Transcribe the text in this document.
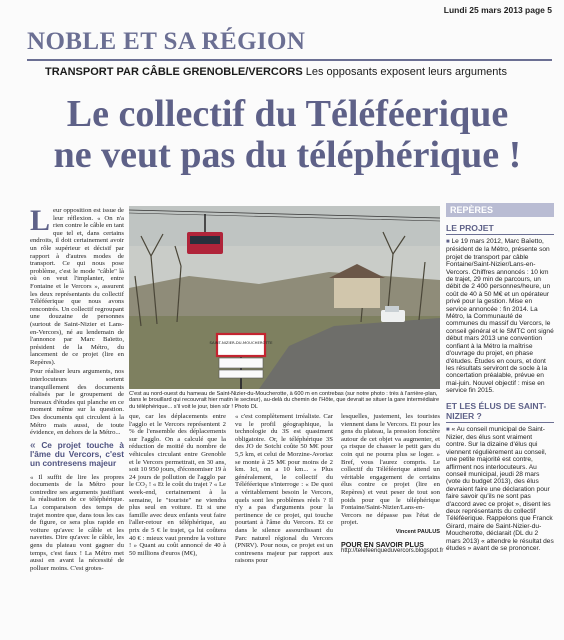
Lundi 25 mars 2013 page 5
NOBLE ET SA RÉGION
TRANSPORT PAR CÂBLE GRENOBLE/VERCORS Les opposants exposent leurs arguments
Le collectif du Téléféerique
ne veut pas du téléphérique !
SAINT-NIZIER-DU-MOUCHEROTTE
C'est au nord-ouest du hameau de Saint-Nizier-du-Moucherotte, à 600 m en contrebas (sur notre photo : très à l'arrière-plan, dans le brouillard qui recouvrait hier matin le secteur), au-delà du chemin de l'Hôte, que devrait se situer la gare intermédiaire du téléphérique... s'il voit le jour, bien sûr ! Photo DL

Leur opposition est issue de leur réflexion. « On n'a rien contre le câble en tant que tel et, dans certains endroits, il doit certainement avoir un rôle supérieur et décisif par rapport à d'autres modes de transport. Ce qui nous pose problème, c'est le mode "câble" là où on veut l'implanter, entre Fontaine et le Vercors », assurent les deux représentants du collectif Téléféerique que nous avons rencontrés. Un collectif regroupant une douzaine de personnes (surtout de Saint-Nizier et Lans-en-Vercors), né au lendemain de l'annonce par Marc Baïetto, président de la Métro, du lancement de ce projet (lire en Repères).

Pour réaliser leurs arguments, nos interlocuteurs sortent tranquillement des documents réalisés par le groupement de bureaux d'études qui planche en ce moment même sur la question. Des documents qui circulent à la Métro mais aussi, de toute évidence, en dehors de la Métro...

« Ce projet touche à l'âme du Vercors, c'est un contresens majeur

« Il suffit de lire les propres documents de la Métro pour contredire ses arguments justifiant la réalisation de ce téléphérique. La comparaison des temps de trajet montre que, dans tous les cas de figure, ce sera plus rapide en voiture qu'avec le câble et les navettes. Dire qu'avec le câble, les gens du plateau vont gagner du temps, c'est faux ! La Métro met aussi en avant la nécessité de polluer moins. C'est grotes-

que, car les déplacements entre l'agglo et le Vercors représentent 2 % de l'ensemble des déplacements sur l'agglo. On a calculé que la réduction de moitié du nombre de véhicules circulant entre Grenoble et le Vercors permettrait, en 30 ans, soit 10 950 jours, d'économiser 19 à 24 jours de pollution de l'agglo par le CO₂ ! « Et le coût du trajet ? « Le week-end, certainement à la semaine, le "touriste" ne viendra plus seul en voiture. Et si une famille avec deux enfants veut faire l'aller-retour en téléphérique, au prix de 5 € le trajet, ça lui coûtera 40 € : mieux vaut prendre la voiture ! » Quant au coût annoncé de 40 à 50 millions d'euros (M€),

« c'est complètement irréaliste. Car vu le profil géographique, la technologie du 3S est quasiment obligatoire. Or, le téléphérique 3S des JO de Sotchi coûte 50 M€ pour 5,5 km, et celui de Morzine-Avoriaz se monte à 25 M€ pour moins de 2 km. Ici, on a 10 km... » Plus généralement, le collectif du Téléféerique s'interroge : « De quoi a véritablement besoin le Vercors, quels sont les problèmes réels ? Il n'y a pas d'arguments pour la pertinence de ce projet, qui touche pourtant à l'âme du Vercors. Et ce dans le silence assourdissant du Parc naturel régional du Vercors (PNRV). Pour nous, ce projet est un contresens majeur par rapport aux raisons pour

lesquelles, justement, les touristes viennent dans le Vercors. Et pour les gens du plateau, la pression foncière autour de cet objet va augmenter, et ça risque de chasser le petit gars du coin qui ne pourra plus se loger. » Bref, vous l'aurez compris. Le collectif du Téléféerique attend un véritable engagement de certains élus contre ce projet (lire en Repères) et veut peser de tout son poids pour que le téléphérique Fontaine/Saint-Nizier/Lans-en-Vercors ne dépasse pas l'état de projet.

Vincent PAULUS
POUR EN SAVOIR PLUS
http://telefeeriqueduvercors.blogspot.fr
REPÈRES
LE PROJET
■ Le 19 mars 2012, Marc Baïetto, président de la Métro, présente son projet de transport par câble Fontaine/Saint-Nizier/Lans-en-Vercors. Chiffres annoncés : 10 km de trajet, 29 min de parcours, un débit de 2 400 personnes/heure, un coût de 40 à 50 M€ et un opérateur privé pour la gestion. Mise en service annoncée : fin 2014. La Métro, la Communauté de communes du massif du Vercors, le conseil général et le SMTC ont signé début mars 2013 une convention confiant à la Métro la maîtrise d'ouvrage du projet, en phase d'études. Études en cours, et dont les résultats serviront de socle à la concertation préalable, prévue en mai-juin. Nouvel objectif : mise en service fin 2015.
ET LES ÉLUS DE SAINT-NIZIER ?
■ « Au conseil municipal de Saint-Nizier, des élus sont vraiment contre. Sur la dizaine d'élus qui viennent régulièrement au conseil, une petite majorité est contre, affirment nos interlocuteurs. Au conseil municipal, jeudi 28 mars (vote du budget 2013), des élus devraient faire une déclaration pour faire savoir qu'ils ne sont pas d'accord avec ce projet », disent les deux représentants du collectif Téléféerique. Rappelons que Franck Girard, maire de Saint-Nizier-du-Moucherotte, déclarait (DL du 2 mars 2013) « attendre le résultat des études » avant de se prononcer.
